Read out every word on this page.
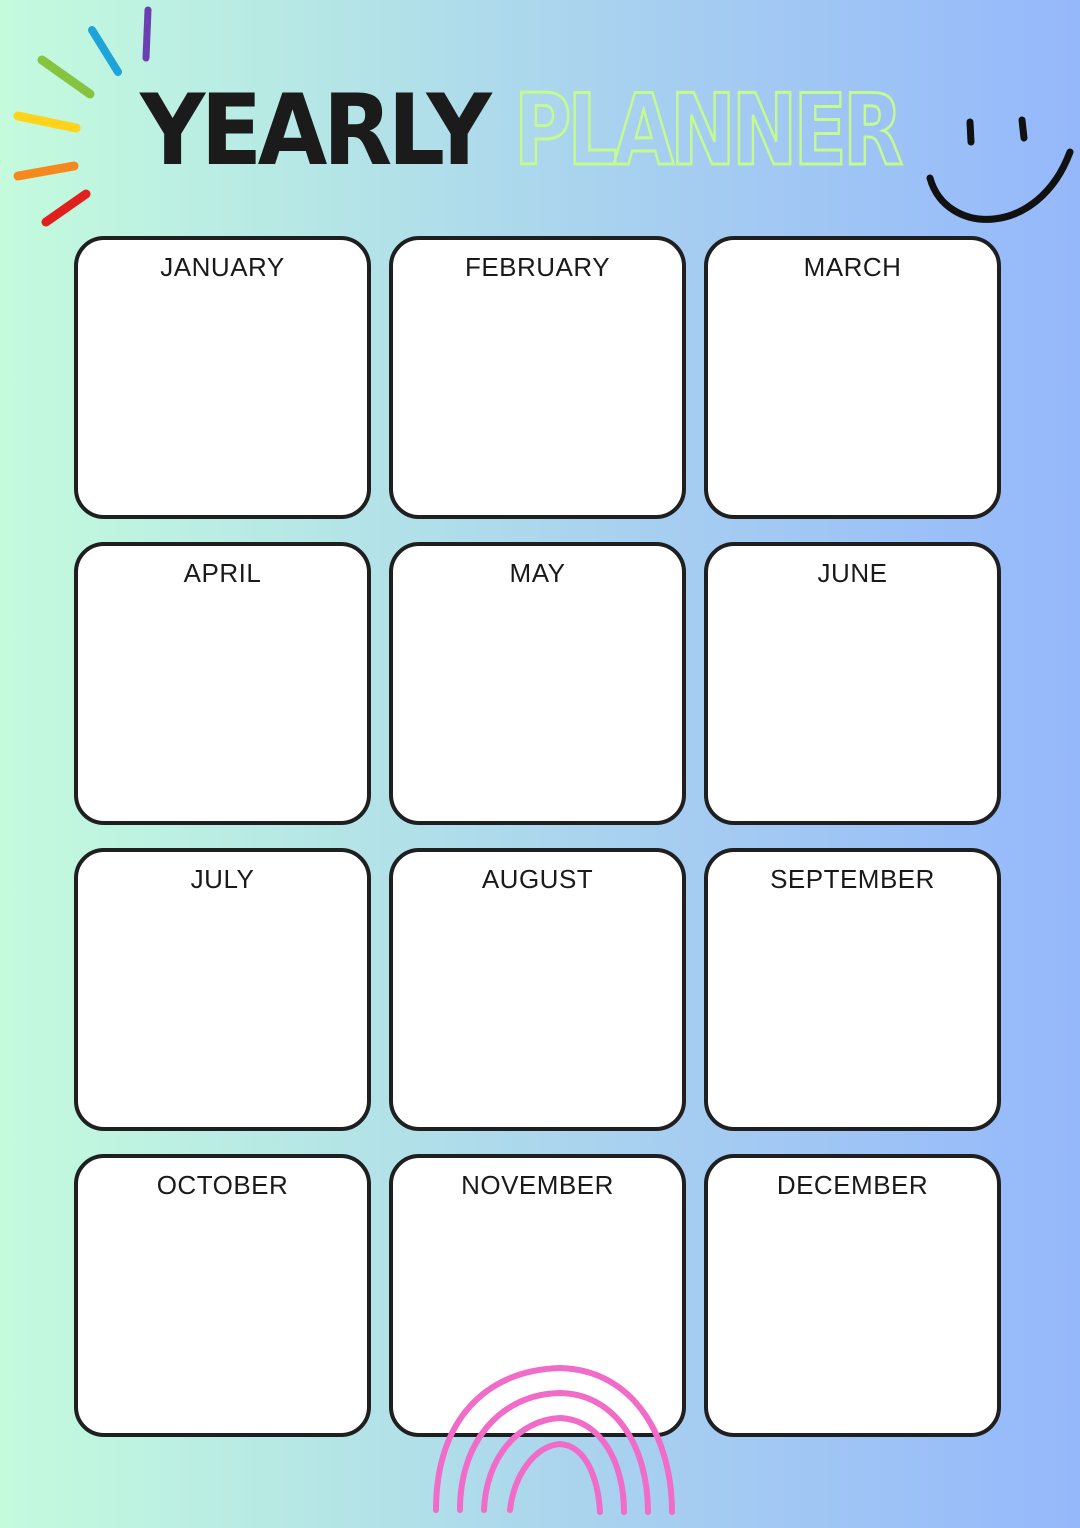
YEARLY PLANNER
JANUARY	FEBRUARY	MARCH
APRIL	MAY	JUNE
JULY	AUGUST	SEPTEMBER
OCTOBER	NOVEMBER	DECEMBER
